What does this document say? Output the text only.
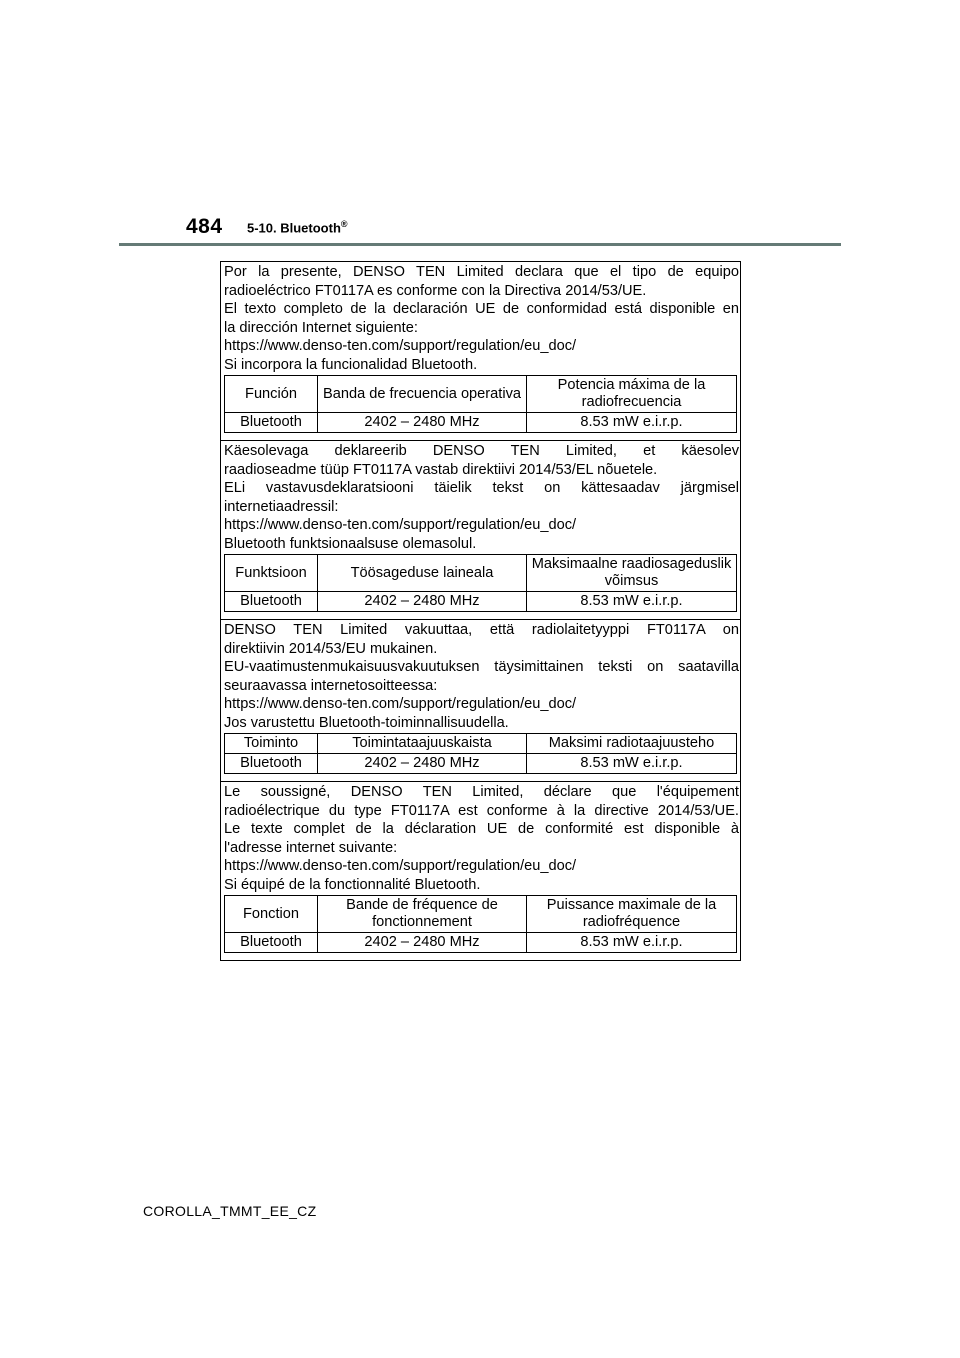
484 5-10. Bluetooth®

Por la presente, DENSO TEN Limited declara que el tipo de equipo

radioeléctrico FT0117A es conforme con la Directiva 2014/53/UE.

El texto completo de la declaración UE de conformidad está disponible en

la dirección Internet siguiente:

https://www.denso-ten.com/support/regulation/eu_doc/

Si incorpora la funcionalidad Bluetooth.

Función	Banda de frecuencia operativa	Potencia máxima de la radiofrecuencia
Bluetooth	2402 – 2480 MHz	8.53 mW e.i.r.p.

Käesolevaga deklareerib DENSO TEN Limited, et käesolev

raadioseadme tüüp FT0117A vastab direktiivi 2014/53/EL nõuetele.

ELi vastavusdeklaratsiooni täielik tekst on kättesaadav järgmisel

internetiaadressil:

https://www.denso-ten.com/support/regulation/eu_doc/

Bluetooth funktsionaalsuse olemasolul.

Funktsioon	Töösageduse laineala	Maksimaalne raadiosageduslik võimsus
Bluetooth	2402 – 2480 MHz	8.53 mW e.i.r.p.

DENSO TEN Limited vakuuttaa, että radiolaitetyyppi FT0117A on

direktiivin 2014/53/EU mukainen.

EU-vaatimustenmukaisuusvakuutuksen täysimittainen teksti on saatavilla

seuraavassa internetosoitteessa:

https://www.denso-ten.com/support/regulation/eu_doc/

Jos varustettu Bluetooth-toiminnallisuudella.

Toiminto	Toimintataajuuskaista	Maksimi radiotaajuusteho
Bluetooth	2402 – 2480 MHz	8.53 mW e.i.r.p.

Le soussigné, DENSO TEN Limited, déclare que l'équipement

radioélectrique du type FT0117A est conforme à la directive 2014/53/UE.

Le texte complet de la déclaration UE de conformité est disponible à

l'adresse internet suivante:

https://www.denso-ten.com/support/regulation/eu_doc/

Si équipé de la fonctionnalité Bluetooth.

Fonction	Bande de fréquence de fonctionnement	Puissance maximale de la radiofréquence
Bluetooth	2402 – 2480 MHz	8.53 mW e.i.r.p.
COROLLA_TMMT_EE_CZ
